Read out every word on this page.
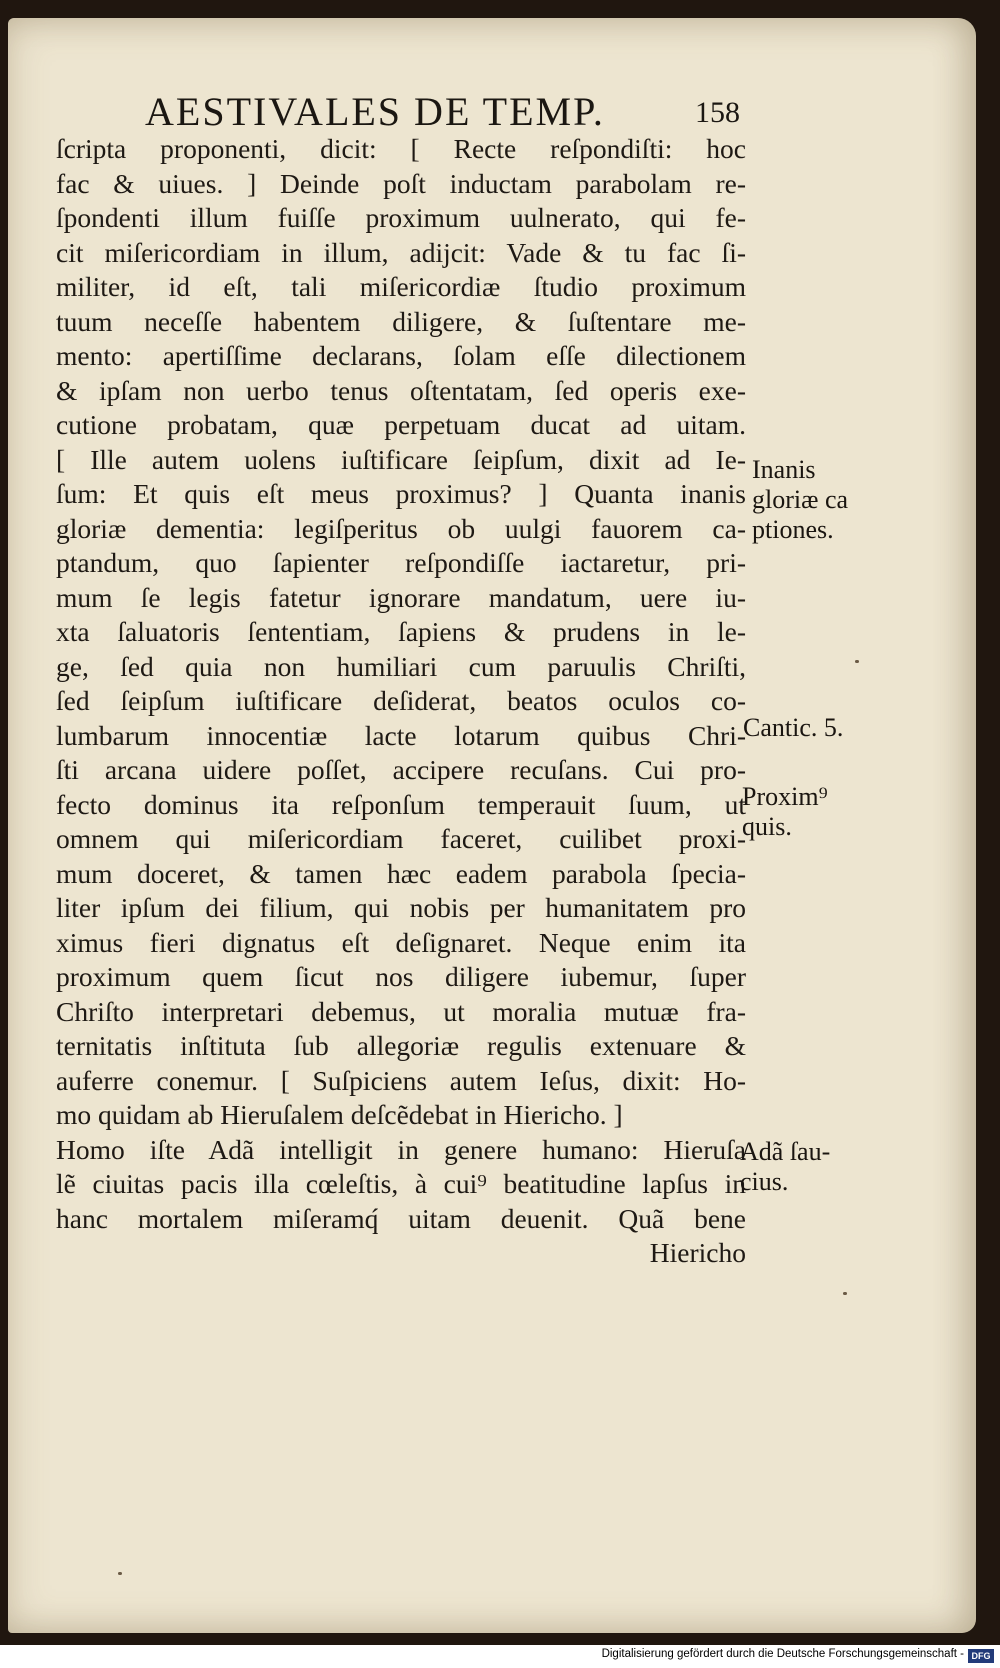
AESTIVALES DE TEMP.	158
ſcripta proponenti, dicit: [ Recte reſpondiſti: hoc
fac & uiues. ] Deinde poſt inductam parabolam re-
ſpondenti illum fuiſſe proximum uulnerato, qui fe-
cit miſericordiam in illum, adijcit: Vade & tu fac ſi-
militer, id eſt, tali miſericordiæ ſtudio proximum
tuum neceſſe habentem diligere, & ſuſtentare me-
mento: apertiſſime declarans, ſolam eſſe dilectionem
& ipſam non uerbo tenus oſtentatam, ſed operis exe-
cutione probatam, quæ perpetuam ducat ad uitam.
[ Ille autem uolens iuſtificare ſeipſum, dixit ad Ie-
ſum: Et quis eſt meus proximus? ] Quanta inanis
gloriæ dementia: legiſperitus ob uulgi fauorem ca-
ptandum, quo ſapienter reſpondiſſe iactaretur, pri-
mum ſe legis fatetur ignorare mandatum, uere iu-
xta ſaluatoris ſententiam, ſapiens & prudens in le-
ge, ſed quia non humiliari cum paruulis Chriſti,
ſed ſeipſum iuſtificare deſiderat, beatos oculos co-
lumbarum innocentiæ lacte lotarum quibus Chri-
ſti arcana uidere poſſet, accipere recuſans. Cui pro-
fecto dominus ita reſponſum temperauit ſuum, ut
omnem qui miſericordiam faceret, cuilibet proxi-
mum doceret, & tamen hæc eadem parabola ſpecia-
liter ipſum dei filium, qui nobis per humanitatem pro
ximus fieri dignatus eſt deſignaret. Neque enim ita
proximum quem ſicut nos diligere iubemur, ſuper
Chriſto interpretari debemus, ut moralia mutuæ fra-
ternitatis inſtituta ſub allegoriæ regulis extenuare &
auferre conemur. [ Suſpiciens autem Ieſus, dixit: Ho-
mo quidam ab Hieruſalem deſcẽdebat in Hiericho. ]
Homo iſte Adã intelligit in genere humano: Hieruſa
lẽ ciuitas pacis illa cœleſtis, à cui⁹ beatitudine lapſus in
hanc mortalem miſeramq́ uitam deuenit. Quã bene
Hiericho
Inanis
gloriæ ca
ptiones.
Cantic. 5.
Proxim⁹
quis.
Adã ſau-
cius.
Digitalisierung gefördert durch die Deutsche Forschungsgemeinschaft - DFG
